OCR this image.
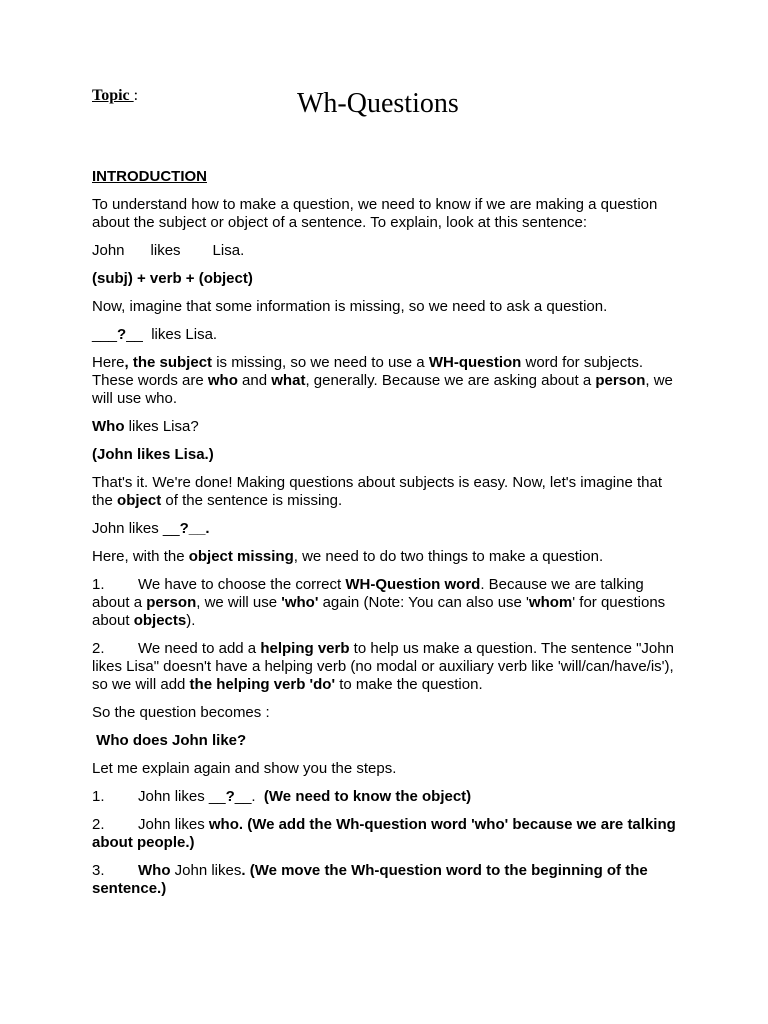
Topic :	Wh-Questions

INTRODUCTION

To understand how to make a question, we need to know if we are making a question about the subject or object of a sentence. To explain, look at this sentence:

John likes Lisa.

(subj) + verb + (object)

Now, imagine that some information is missing, so we need to ask a question.

___?__  likes Lisa.

Here, the subject is missing, so we need to use a WH-question word for subjects. These words are who and what, generally. Because we are asking about a person, we will use who.

Who likes Lisa?

(John likes Lisa.)

That's it. We're done! Making questions about subjects is easy. Now, let's imagine that the object of the sentence is missing.

John likes __?__.

Here, with the object missing, we need to do two things to make a question.

1. We have to choose the correct WH-Question word. Because we are talking about a person, we will use 'who' again (Note: You can also use 'whom' for questions about objects).

2. We need to add a helping verb to help us make a question. The sentence "John likes Lisa" doesn't have a helping verb (no modal or auxiliary verb like 'will/can/have/is'), so we will add the helping verb 'do' to make the question.

So the question becomes :

Who does John like?

Let me explain again and show you the steps.

1. John likes __?__.  (We need to know the object)

2. John likes who. (We add the Wh-question word 'who' because we are talking about people.)

3. Who John likes. (We move the Wh-question word to the beginning of the sentence.)
